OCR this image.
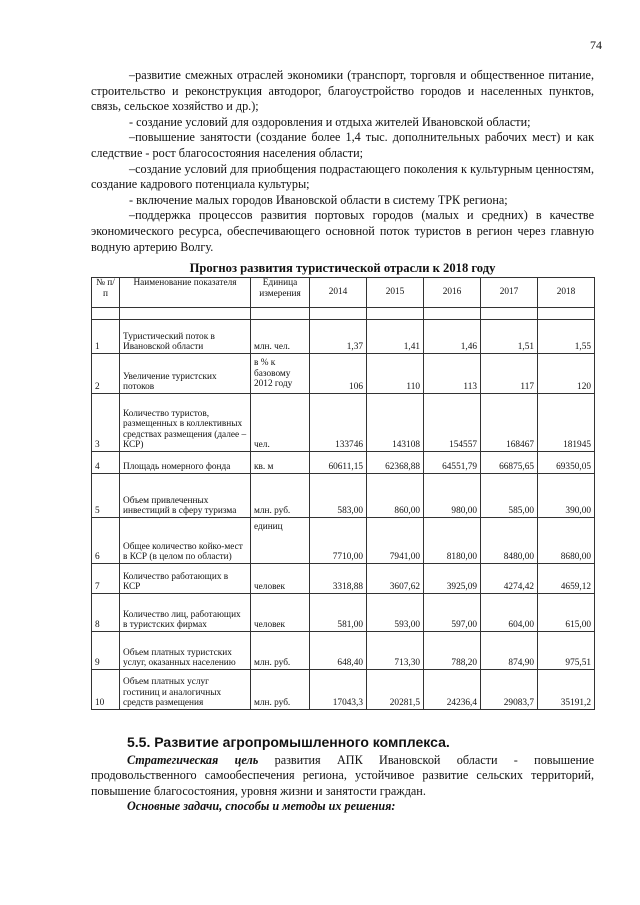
74

–развитие смежных отраслей экономики (транспорт, торговля и общественное питание, строительство и реконструкция автодорог, благоустройство городов и населенных пунктов, связь, сельское хозяйство и др.);

- создание условий для оздоровления и отдыха жителей Ивановской области;

–повышение занятости (создание более 1,4 тыс. дополнительных рабочих мест) и как следствие - рост благосостояния населения области;

–создание условий для приобщения подрастающего поколения к культурным ценностям, создание кадрового потенциала культуры;

- включение малых городов Ивановской области в систему ТРК региона;

–поддержка процессов развития портовых городов (малых и средних) в качестве экономического ресурса, обеспечивающего основной поток туристов в регион через главную водную артерию Волгу.

Прогноз развития туристической отрасли к 2018 году
№ п/п	Наименование показателя	Единица измерения	2014	2015	2016	2017	2018

1	Туристический поток в Ивановской области	млн. чел.	1,37	1,41	1,46	1,51	1,55
2	Увеличение туристских потоков	в % к базовому 2012 году	106	110	113	117	120
3	Количество туристов, размещенных в коллективных средствах размещения (далее – КСР)	чел.	133746	143108	154557	168467	181945
4	Площадь номерного фонда	кв. м	60611,15	62368,88	64551,79	66875,65	69350,05
5	Объем привлеченных инвестиций в сферу туризма	млн. руб.	583,00	860,00	980,00	585,00	390,00
6	Общее количество койко-мест в КСР (в целом по области)	единиц	7710,00	7941,00	8180,00	8480,00	8680,00
7	Количество работающих в КСР	человек	3318,88	3607,62	3925,09	4274,42	4659,12
8	Количество лиц, работающих в туристских фирмах	человек	581,00	593,00	597,00	604,00	615,00
9	Объем платных туристских услуг, оказанных населению	млн. руб.	648,40	713,30	788,20	874,90	975,51
10	Объем платных услуг гостиниц и аналогичных средств размещения	млн. руб.	17043,3	20281,5	24236,4	29083,7	35191,2
5.5. Развитие агропромышленного комплекса.

Стратегическая цель развития АПК Ивановской области - повышение продовольственного самообеспечения региона, устойчивое развитие сельских территорий, повышение благосостояния, уровня жизни и занятости граждан.

Основные задачи, способы и методы их решения:
